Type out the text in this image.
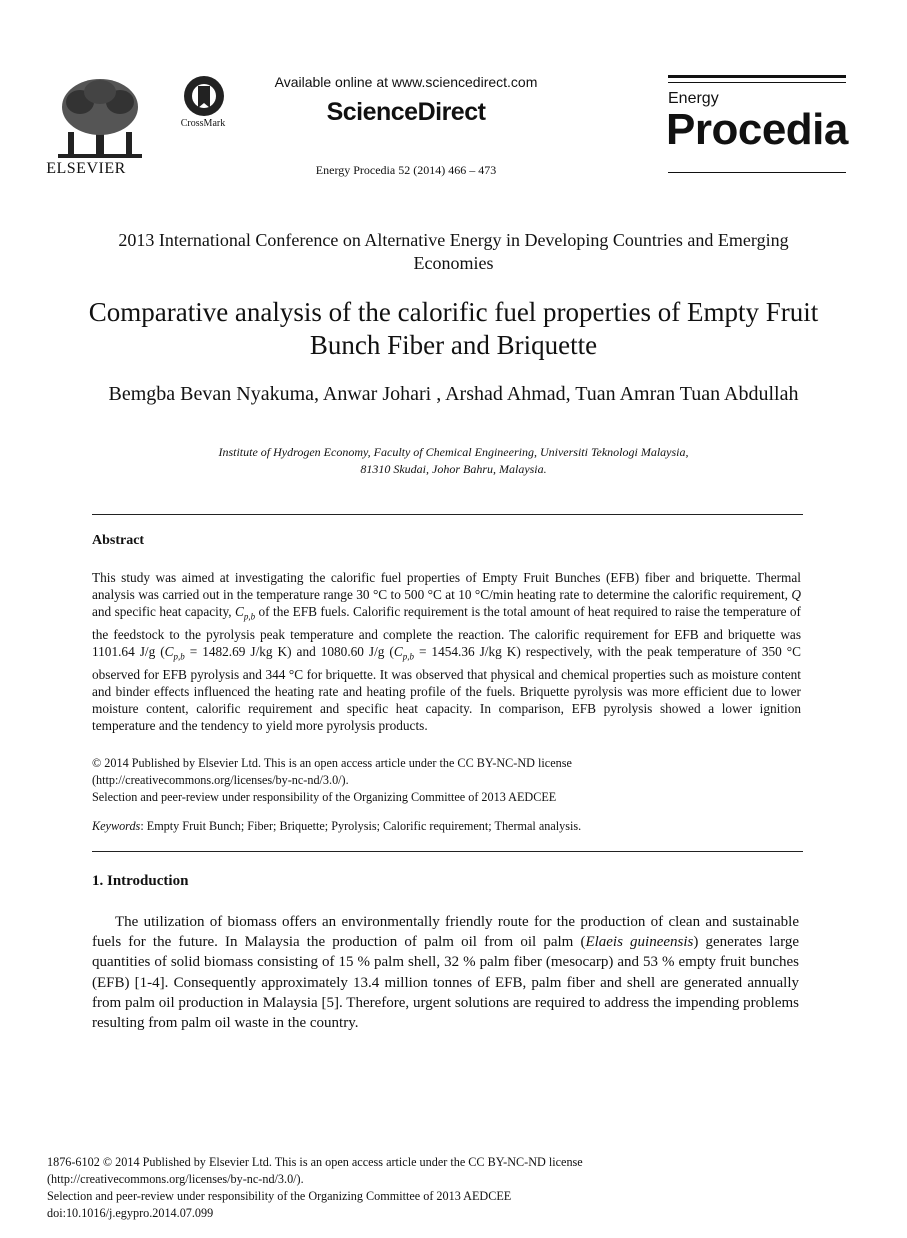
ELSEVIER
CrossMark
Available online at www.sciencedirect.com
ScienceDirect
Energy Procedia 52 (2014) 466 – 473
Energy
Procedia
2013 International Conference on Alternative Energy in Developing Countries and Emerging Economies
Comparative analysis of the calorific fuel properties of Empty Fruit Bunch Fiber and Briquette
Bemgba Bevan Nyakuma, Anwar Johari , Arshad Ahmad, Tuan Amran Tuan Abdullah
Institute of Hydrogen Economy, Faculty of Chemical Engineering, Universiti Teknologi Malaysia,
81310 Skudai, Johor Bahru, Malaysia.
Abstract
This study was aimed at investigating the calorific fuel properties of Empty Fruit Bunches (EFB) fiber and briquette. Thermal analysis was carried out in the temperature range 30 °C to 500 °C at 10 °C/min heating rate to determine the calorific requirement, Q and specific heat capacity, $C_{p,b}$ of the EFB fuels. Calorific requirement is the total amount of heat required to raise the temperature of the feedstock to the pyrolysis peak temperature and complete the reaction. The calorific requirement for EFB and briquette was 1101.64 J/g ($C_{p,b} = 1482.69$ J/kg K) and 1080.60 J/g ($C_{p,b} = 1454.36$ J/kg K) respectively, with the peak temperature of 350 °C observed for EFB pyrolysis and 344 °C for briquette. It was observed that physical and chemical properties such as moisture content and binder effects influenced the heating rate and heating profile of the fuels. Briquette pyrolysis was more efficient due to lower moisture content, calorific requirement and specific heat capacity. In comparison, EFB pyrolysis showed a lower ignition temperature and the tendency to yield more pyrolysis products.
© 2014 Published by Elsevier Ltd. This is an open access article under the CC BY-NC-ND license
(http://creativecommons.org/licenses/by-nc-nd/3.0/).
Selection and peer-review under responsibility of the Organizing Committee of 2013 AEDCEE
Keywords: Empty Fruit Bunch; Fiber; Briquette; Pyrolysis; Calorific requirement; Thermal analysis.
1. Introduction
The utilization of biomass offers an environmentally friendly route for the production of clean and sustainable fuels for the future. In Malaysia the production of palm oil from oil palm (Elaeis guineensis) generates large quantities of solid biomass consisting of 15 % palm shell, 32 % palm fiber (mesocarp) and 53 % empty fruit bunches (EFB) [1-4]. Consequently approximately 13.4 million tonnes of EFB, palm fiber and shell are generated annually from palm oil production in Malaysia [5]. Therefore, urgent solutions are required to address the impending problems resulting from palm oil waste in the country.
1876-6102 © 2014 Published by Elsevier Ltd. This is an open access article under the CC BY-NC-ND license
(http://creativecommons.org/licenses/by-nc-nd/3.0/).
Selection and peer-review under responsibility of the Organizing Committee of 2013 AEDCEE
doi:10.1016/j.egypro.2014.07.099
